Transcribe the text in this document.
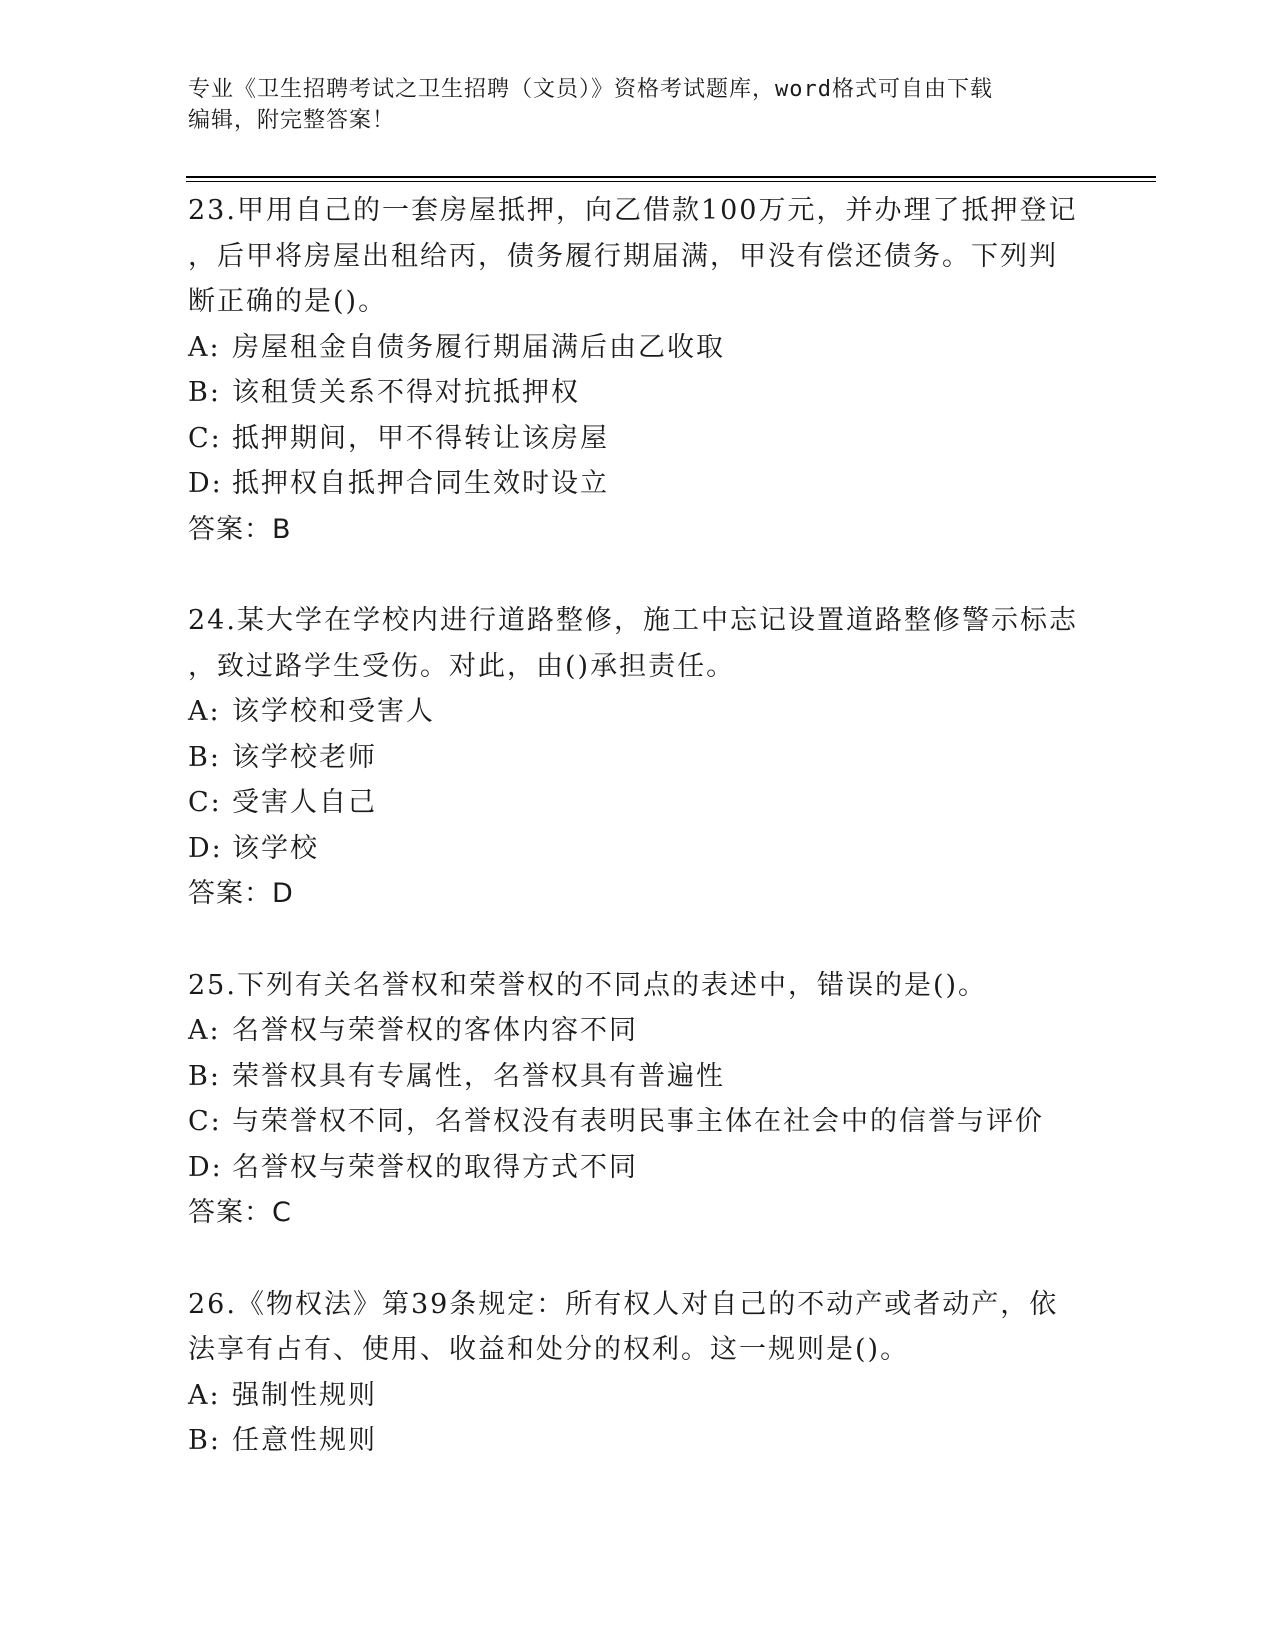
专业《卫生招聘考试之卫生招聘（文员）》资格考试题库，word格式可自由下载
编辑，附完整答案！

23.甲用自己的一套房屋抵押，向乙借款100万元，并办理了抵押登记

，后甲将房屋出租给丙，债务履行期届满，甲没有偿还债务。下列判

断正确的是()。

A: 房屋租金自债务履行期届满后由乙收取

B: 该租赁关系不得对抗抵押权

C: 抵押期间，甲不得转让该房屋

D: 抵押权自抵押合同生效时设立

答案：B

24.某大学在学校内进行道路整修，施工中忘记设置道路整修警示标志

，致过路学生受伤。对此，由()承担责任。

A: 该学校和受害人

B: 该学校老师

C: 受害人自己

D: 该学校

答案：D

25.下列有关名誉权和荣誉权的不同点的表述中，错误的是()。

A: 名誉权与荣誉权的客体内容不同

B: 荣誉权具有专属性，名誉权具有普遍性

C: 与荣誉权不同，名誉权没有表明民事主体在社会中的信誉与评价

D: 名誉权与荣誉权的取得方式不同

答案：C

26.《物权法》第39条规定：所有权人对自己的不动产或者动产，依

法享有占有、使用、收益和处分的权利。这一规则是()。

A: 强制性规则

B: 任意性规则
